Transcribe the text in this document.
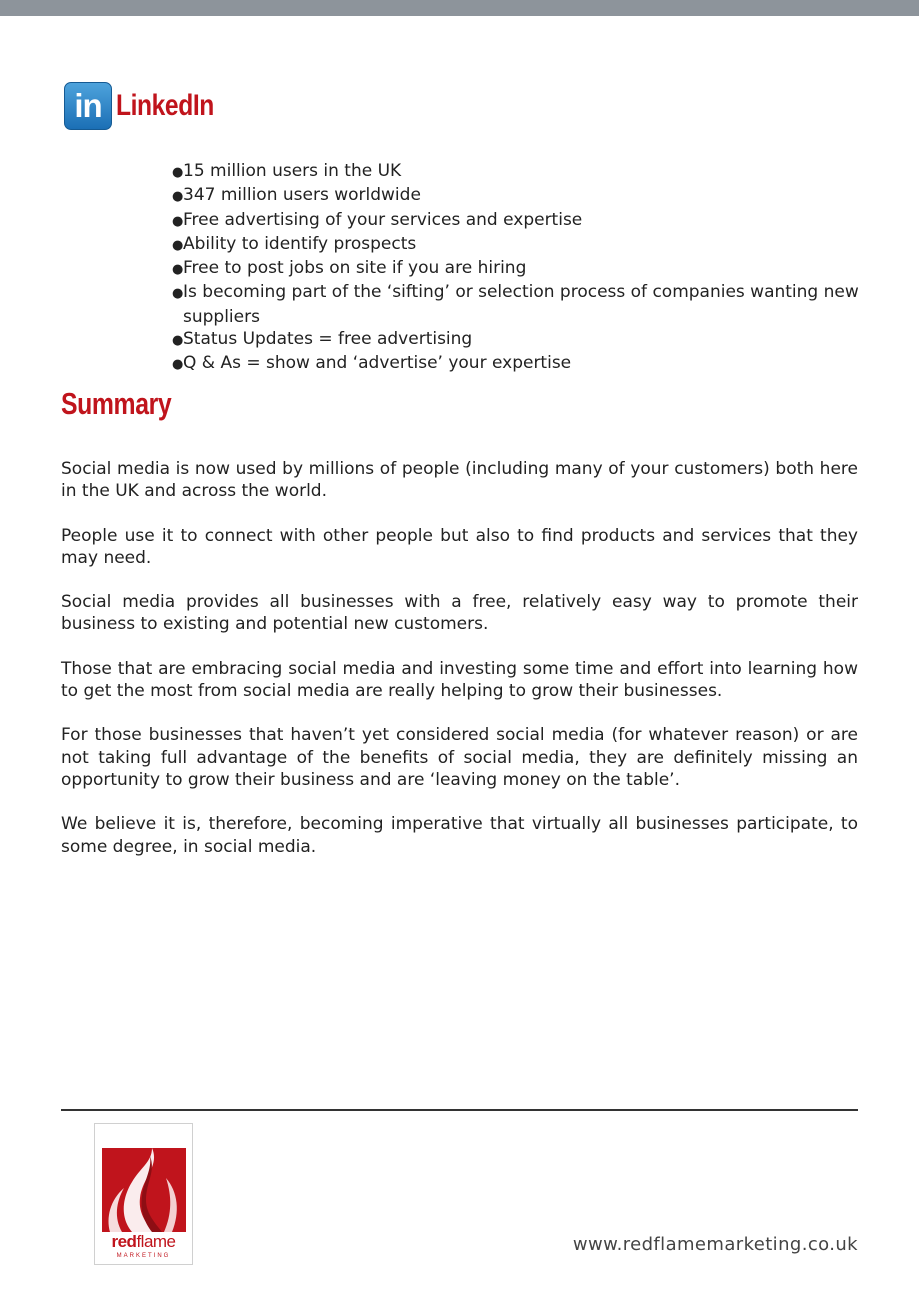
in LinkedIn
●15 million users in the UK
●347 million users worldwide
●Free advertising of your services and expertise
●Ability to identify prospects
●Free to post jobs on site if you are hiring
●Is becoming part of the ‘sifting’ or selection process of companies wanting new suppliers
●Status Updates = free advertising
●Q & As = show and ‘advertise’ your expertise
Summary

Social media is now used by millions of people (including many of your customers) both here in the UK and across the world.

People use it to connect with other people but also to find products and services that they may need.

Social media provides all businesses with a free, relatively easy way to promote their business to existing and potential new customers.

Those that are embracing social media and investing some time and effort into learning how to get the most from social media are really helping to grow their businesses.

For those businesses that haven’t yet considered social media (for whatever reason) or are not taking full advantage of the benefits of social media, they are definitely missing an opportunity to grow their business and are ‘leaving money on the table’.

We believe it is, therefore, becoming imperative that virtually all businesses participate, to some degree, in social media.

redflame
MARKETING
www.redflamemarketing.co.uk
